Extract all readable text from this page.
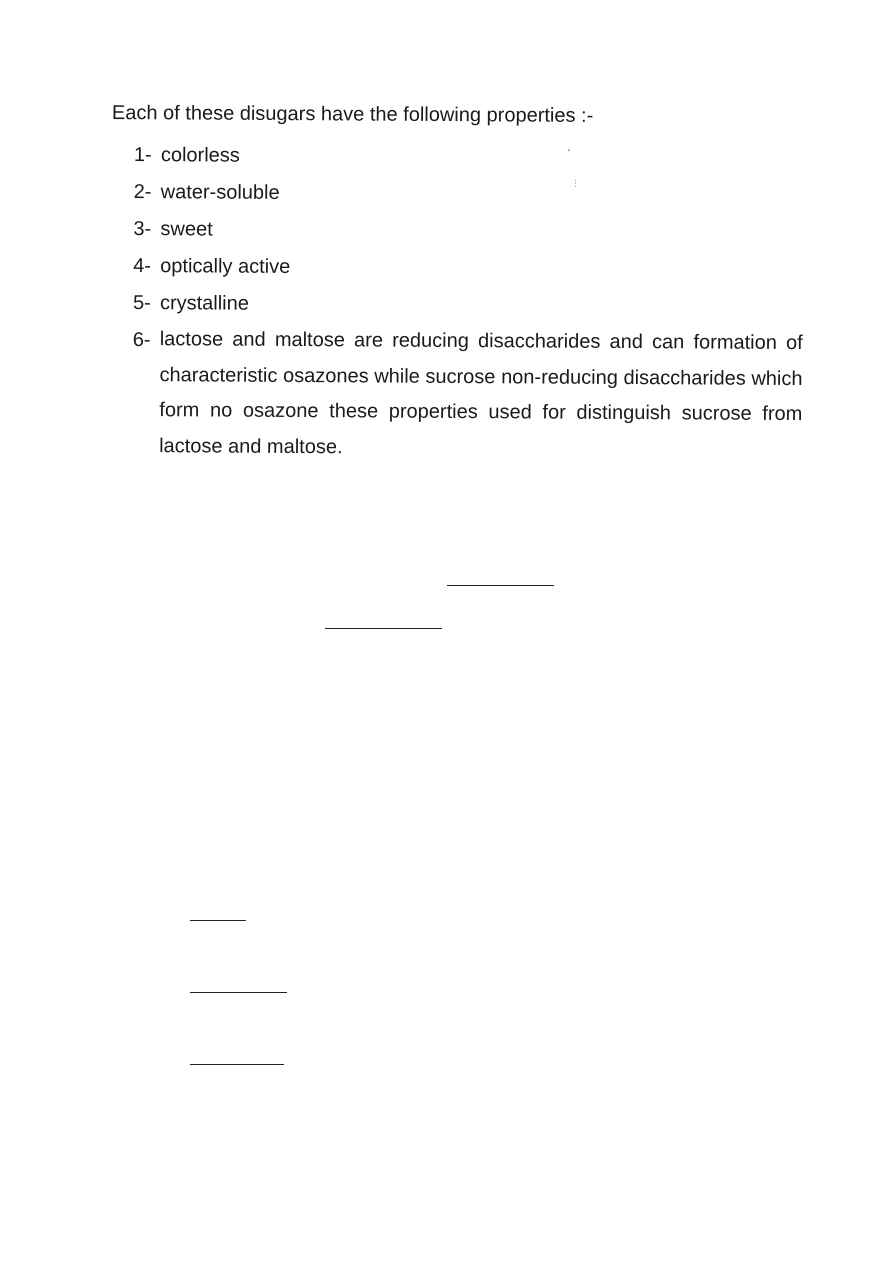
Each of these disugars have the following properties :-
1- colorless
2- water-soluble
3- sweet
4- optically active
5- crystalline
6- lactose and maltose are reducing disaccharides and can formation of characteristic osazones while sucrose non-reducing disaccharides which form no osazone these properties used for distinguish sucrose from lactose and maltose.
⋆
⋮
